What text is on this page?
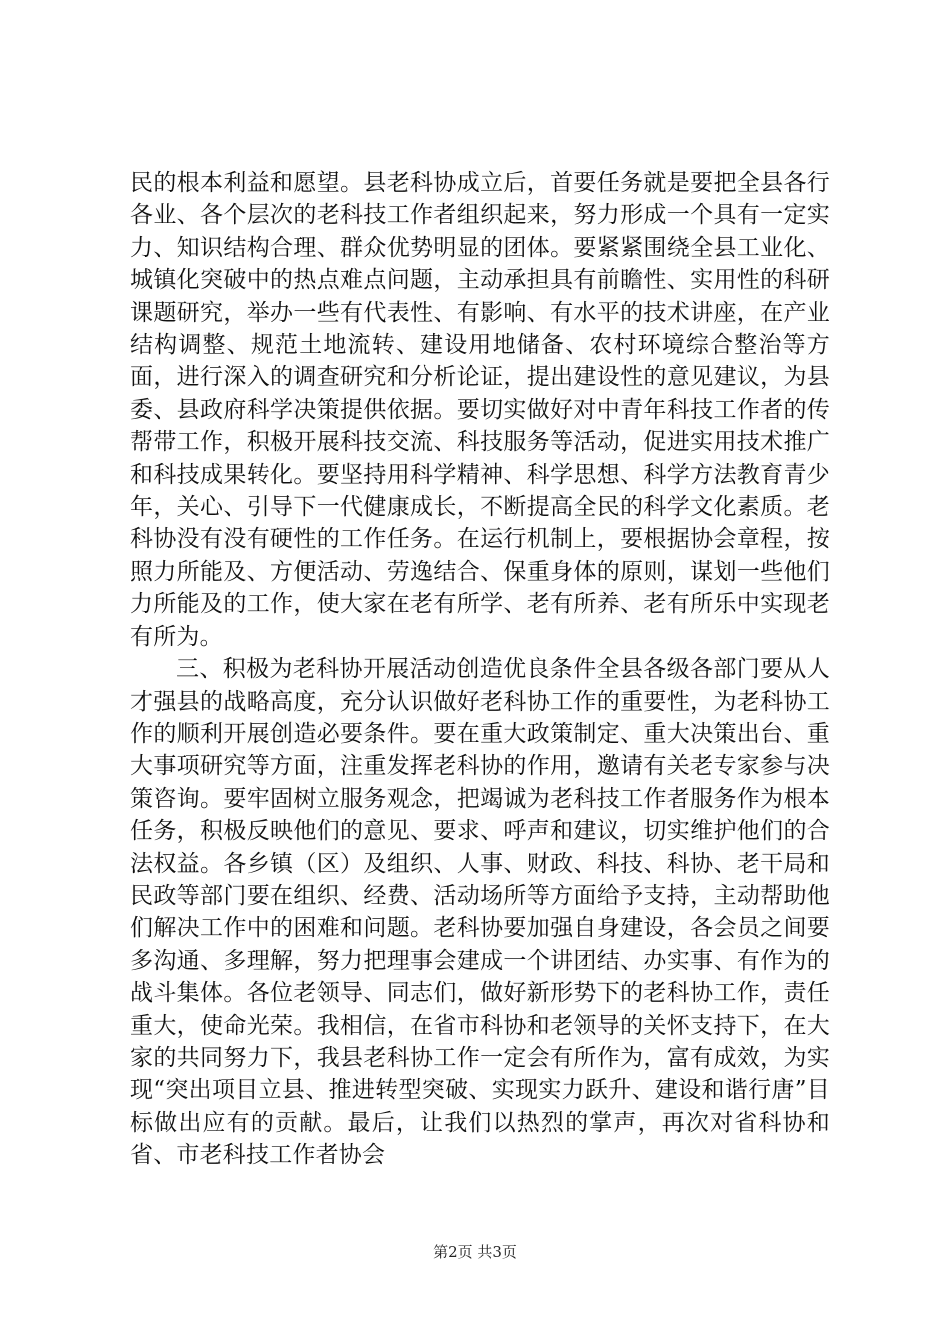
民的根本利益和愿望。县老科协成立后，首要任务就是要把全县各行各业、各个层次的老科技工作者组织起来，努力形成一个具有一定实力、知识结构合理、群众优势明显的团体。要紧紧围绕全县工业化、城镇化突破中的热点难点问题，主动承担具有前瞻性、实用性的科研课题研究，举办一些有代表性、有影响、有水平的技术讲座，在产业结构调整、规范土地流转、建设用地储备、农村环境综合整治等方面，进行深入的调查研究和分析论证，提出建设性的意见建议，为县委、县政府科学决策提供依据。要切实做好对中青年科技工作者的传帮带工作，积极开展科技交流、科技服务等活动，促进实用技术推广和科技成果转化。要坚持用科学精神、科学思想、科学方法教育青少年，关心、引导下一代健康成长，不断提高全民的科学文化素质。老科协没有没有硬性的工作任务。在运行机制上，要根据协会章程，按照力所能及、方便活动、劳逸结合、保重身体的原则，谋划一些他们力所能及的工作，使大家在老有所学、老有所养、老有所乐中实现老有所为。

三、积极为老科协开展活动创造优良条件全县各级各部门要从人才强县的战略高度，充分认识做好老科协工作的重要性，为老科协工作的顺利开展创造必要条件。要在重大政策制定、重大决策出台、重大事项研究等方面，注重发挥老科协的作用，邀请有关老专家参与决策咨询。要牢固树立服务观念，把竭诚为老科技工作者服务作为根本任务，积极反映他们的意见、要求、呼声和建议，切实维护他们的合法权益。各乡镇（区）及组织、人事、财政、科技、科协、老干局和民政等部门要在组织、经费、活动场所等方面给予支持，主动帮助他们解决工作中的困难和问题。老科协要加强自身建设，各会员之间要多沟通、多理解，努力把理事会建成一个讲团结、办实事、有作为的战斗集体。各位老领导、同志们，做好新形势下的老科协工作，责任重大，使命光荣。我相信，在省市科协和老领导的关怀支持下，在大家的共同努力下，我县老科协工作一定会有所作为，富有成效，为实现“突出项目立县、推进转型突破、实现实力跃升、建设和谐行唐”目标做出应有的贡献。最后，让我们以热烈的掌声，再次对省科协和省、市老科技工作者协会

第2页 共3页
